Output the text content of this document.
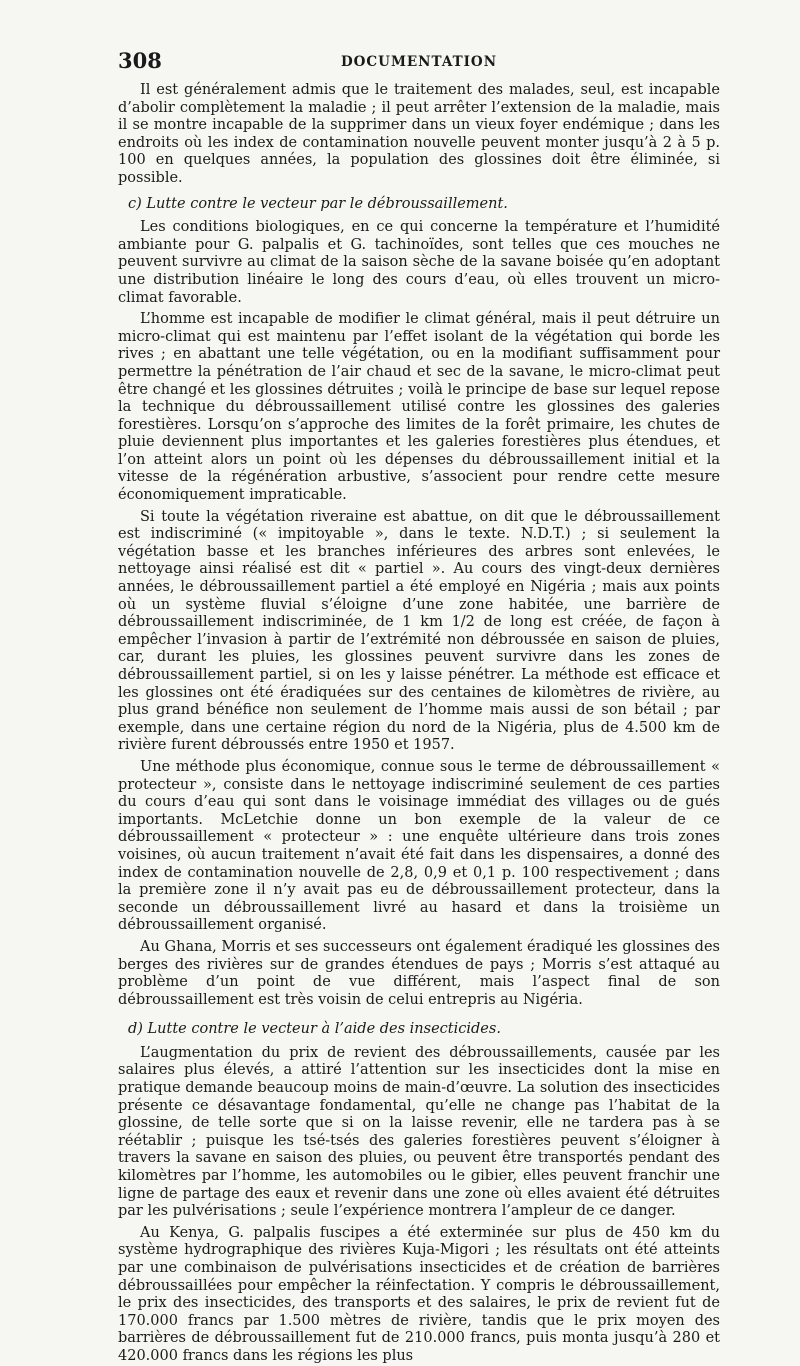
308	DOCUMENTATION

Il est généralement admis que le traitement des malades, seul, est incapable d’abolir complètement la maladie ; il peut arrêter l’extension de la maladie, mais il se montre incapable de la supprimer dans un vieux foyer endémique ; dans les endroits où les index de contamination nouvelle peuvent monter jusqu’à 2 à 5 p. 100 en quelques années, la population des glossines doit être éliminée, si possible.

c) Lutte contre le vecteur par le débroussaillement.

Les conditions biologiques, en ce qui concerne la température et l’humidité ambiante pour G. palpalis et G. tachinoïdes, sont telles que ces mouches ne peuvent survivre au climat de la saison sèche de la savane boisée qu’en adoptant une distribution linéaire le long des cours d’eau, où elles trouvent un micro-climat favorable.

L’homme est incapable de modifier le climat général, mais il peut détruire un micro-climat qui est maintenu par l’effet isolant de la végétation qui borde les rives ; en abattant une telle végétation, ou en la modifiant suffisamment pour permettre la pénétration de l’air chaud et sec de la savane, le micro-climat peut être changé et les glossines détruites ; voilà le principe de base sur lequel repose la technique du débroussaillement utilisé contre les glossines des galeries forestières. Lorsqu’on s’approche des limites de la forêt primaire, les chutes de pluie deviennent plus importantes et les galeries forestières plus étendues, et l’on atteint alors un point où les dépenses du débroussaillement initial et la vitesse de la régénération arbustive, s’associent pour rendre cette mesure économiquement impraticable.

Si toute la végétation riveraine est abattue, on dit que le débroussaillement est indiscriminé (« impitoyable », dans le texte. N.D.T.) ; si seulement la végétation basse et les branches inférieures des arbres sont enlevées, le nettoyage ainsi réalisé est dit « partiel ». Au cours des vingt-deux dernières années, le débroussaillement partiel a été employé en Nigéria ; mais aux points où un système fluvial s’éloigne d’une zone habitée, une barrière de débroussaillement indiscriminée, de 1 km 1/2 de long est créée, de façon à empêcher l’invasion à partir de l’extrémité non débroussée en saison de pluies, car, durant les pluies, les glossines peuvent survivre dans les zones de débroussaillement partiel, si on les y laisse pénétrer. La méthode est efficace et les glossines ont été éradiquées sur des centaines de kilomètres de rivière, au plus grand bénéfice non seulement de l’homme mais aussi de son bétail ; par exemple, dans une certaine région du nord de la Nigéria, plus de 4.500 km de rivière furent débroussés entre 1950 et 1957.

Une méthode plus économique, connue sous le terme de débroussaillement « protecteur », consiste dans le nettoyage indiscriminé seulement de ces parties du cours d’eau qui sont dans le voisinage immédiat des villages ou de gués importants. McLetchie donne un bon exemple de la valeur de ce débroussaillement « protecteur » : une enquête ultérieure dans trois zones voisines, où aucun traitement n’avait été fait dans les dispensaires, a donné des index de contamination nouvelle de 2,8, 0,9 et 0,1 p. 100 respectivement ; dans la première zone il n’y avait pas eu de débroussaillement protecteur, dans la seconde un débroussaillement livré au hasard et dans la troisième un débroussaillement organisé.

Au Ghana, Morris et ses successeurs ont également éradiqué les glossines des berges des rivières sur de grandes étendues de pays ; Morris s’est attaqué au problème d’un point de vue différent, mais l’aspect final de son débroussaillement est très voisin de celui entrepris au Nigéria.

d) Lutte contre le vecteur à l’aide des insecticides.

L’augmentation du prix de revient des débroussaillements, causée par les salaires plus élevés, a attiré l’attention sur les insecticides dont la mise en pratique demande beaucoup moins de main-d’œuvre. La solution des insecticides présente ce désavantage fondamental, qu’elle ne change pas l’habitat de la glossine, de telle sorte que si on la laisse revenir, elle ne tardera pas à se réétablir ; puisque les tsé-tsés des galeries forestières peuvent s’éloigner à travers la savane en saison des pluies, ou peuvent être transportés pendant des kilomètres par l’homme, les automobiles ou le gibier, elles peuvent franchir une ligne de partage des eaux et revenir dans une zone où elles avaient été détruites par les pulvérisations ; seule l’expérience montrera l’ampleur de ce danger.

Au Kenya, G. palpalis fuscipes a été exterminée sur plus de 450 km du système hydrographique des rivières Kuja-Migori ; les résultats ont été atteints par une combinaison de pulvérisations insecticides et de création de barrières débroussaillées pour empêcher la réinfectation. Y compris le débroussaillement, le prix des insecticides, des transports et des salaires, le prix de revient fut de 170.000 francs par 1.500 mètres de rivière, tandis que le prix moyen des barrières de débroussaillement fut de 210.000 francs, puis monta jusqu’à 280 et 420.000 francs dans les régions les plus
